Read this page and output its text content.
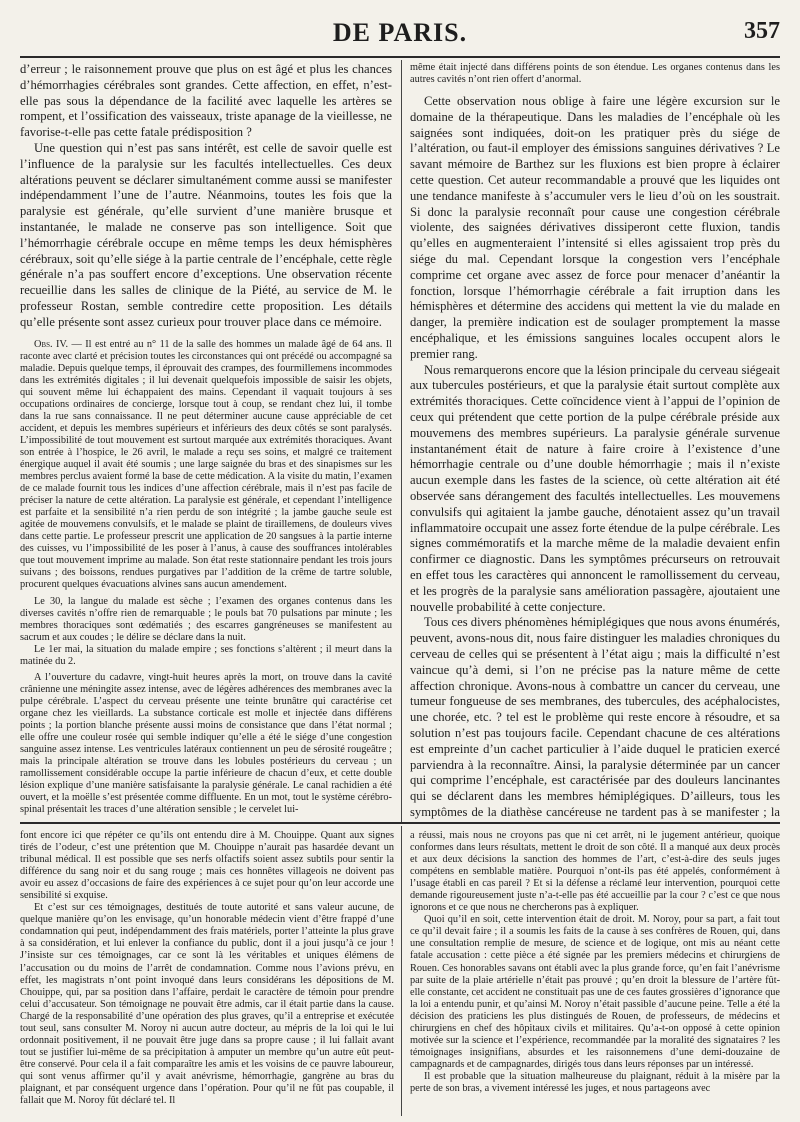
DE PARIS.	357

d’erreur ; le raisonnement prouve que plus on est âgé et plus les chances d’hémorrhagies cérébrales sont grandes. Cette affection, en effet, n’est-elle pas sous la dépendance de la facilité avec laquelle les artères se rompent, et l’ossification des vaisseaux, triste apanage de la vieillesse, ne favorise-t-elle pas cette fatale prédisposition ?

Une question qui n’est pas sans intérêt, est celle de savoir quelle est l’influence de la paralysie sur les facultés intellectuelles. Ces deux altérations peuvent se déclarer simultanément comme aussi se manifester indépendamment l’une de l’autre. Néanmoins, toutes les fois que la paralysie est générale, qu’elle survient d’une manière brusque et instantanée, le malade ne conserve pas son intelligence. Soit que l’hémorrhagie cérébrale occupe en même temps les deux hémisphères cérébraux, soit qu’elle siége à la partie centrale de l’encéphale, cette règle générale n’a pas souffert encore d’exceptions. Une observation récente recueillie dans les salles de clinique de la Piété, au service de M. le professeur Rostan, semble contredire cette proposition. Les détails qu’elle présente sont assez curieux pour trouver place dans ce mémoire.

Obs. IV. — Il est entré au n° 11 de la salle des hommes un malade âgé de 64 ans. Il raconte avec clarté et précision toutes les circonstances qui ont précédé ou accompagné sa maladie. Depuis quelque temps, il éprouvait des crampes, des fourmillemens incommodes dans les extrémités digitales ; il lui devenait quelquefois impossible de saisir les objets, qui souvent même lui échappaient des mains. Cependant il vaquait toujours à ses occupations ordinaires de concierge, lorsque tout à coup, se rendant chez lui, il tombe dans la rue sans connaissance. Il ne peut déterminer aucune cause appréciable de cet accident, et depuis les membres supérieurs et inférieurs des deux côtés se sont paralysés. L’impossibilité de tout mouvement est surtout marquée aux extrémités thoraciques. Avant son entrée à l’hospice, le 26 avril, le malade a reçu ses soins, et malgré ce traitement énergique auquel il avait été soumis ; une large saignée du bras et des sinapismes sur les membres perclus avaient formé la base de cette médication. A la visite du matin, l’examen de ce malade fournit tous les indices d’une affection cérébrale, mais il n’est pas facile de préciser la nature de cette altération. La paralysie est générale, et cependant l’intelligence est parfaite et la sensibilité n’a rien perdu de son intégrité ; la jambe gauche seule est agitée de mouvemens convulsifs, et le malade se plaint de tiraillemens, de douleurs vives dans cette partie. Le professeur prescrit une application de 20 sangsues à la partie interne des cuisses, vu l’impossibilité de les poser à l’anus, à cause des souffrances intolérables que tout mouvement imprime au malade. Son état reste stationnaire pendant les trois jours suivans ; des boissons, rendues purgatives par l’addition de la crême de tartre soluble, procurent quelques évacuations alvines sans aucun amendement.

Le 30, la langue du malade est sèche ; l’examen des organes contenus dans les diverses cavités n’offre rien de remarquable ; le pouls bat 70 pulsations par minute ; les membres thoraciques sont œdématiés ; des escarres gangréneuses se manifestent au sacrum et aux coudes ; le délire se déclare dans la nuit.

Le 1er mai, la situation du malade empire ; ses fonctions s’altèrent ; il meurt dans la matinée du 2.

A l’ouverture du cadavre, vingt-huit heures après la mort, on trouve dans la cavité crânienne une méningite assez intense, avec de légères adhérences des membranes avec la pulpe cérébrale. L’aspect du cerveau présente une teinte brunâtre qui caractérise cet organe chez les vieillards. La substance corticale est molle et injectée dans différens points ; la portion blanche présente aussi moins de consistance que dans l’état normal ; elle offre une couleur rosée qui semble indiquer qu’elle a été le siége d’une congestion sanguine assez intense. Les ventricules latéraux contiennent un peu de sérosité rougeâtre ; mais la principale altération se trouve dans les lobules postérieurs du cerveau ; un ramollissement considérable occupe la partie inférieure de chacun d’eux, et cette double lésion explique d’une manière satisfaisante la paralysie générale. Le canal rachidien a été ouvert, et la moëlle s’est présentée comme diffluente. En un mot, tout le système cérébro-spinal présentait les traces d’une altération sensible ; le cervelet lui-

même était injecté dans différens points de son étendue. Les organes contenus dans les autres cavités n’ont rien offert d’anormal.

Cette observation nous oblige à faire une légère excursion sur le domaine de la thérapeutique. Dans les maladies de l’encéphale où les saignées sont indiquées, doit-on les pratiquer près du siége de l’altération, ou faut-il employer des émissions sanguines dérivatives ? Le savant mémoire de Barthez sur les fluxions est bien propre à éclairer cette question. Cet auteur recommandable a prouvé que les liquides ont une tendance manifeste à s’accumuler vers le lieu d’où on les soustrait. Si donc la paralysie reconnaît pour cause une congestion cérébrale violente, des saignées dérivatives dissiperont cette fluxion, tandis qu’elles en augmenteraient l’intensité si elles agissaient trop près du siége du mal. Cependant lorsque la congestion vers l’encéphale comprime cet organe avec assez de force pour menacer d’anéantir la fonction, lorsque l’hémorrhagie cérébrale a fait irruption dans les hémisphères et détermine des accidens qui mettent la vie du malade en danger, la première indication est de soulager promptement la masse encéphalique, et les émissions sanguines locales occupent alors le premier rang.

Nous remarquerons encore que la lésion principale du cerveau siégeait aux tubercules postérieurs, et que la paralysie était surtout complète aux extrémités thoraciques. Cette coïncidence vient à l’appui de l’opinion de ceux qui prétendent que cette portion de la pulpe cérébrale préside aux mouvemens des membres supérieurs. La paralysie générale survenue instantanément était de nature à faire croire à l’existence d’une hémorrhagie centrale ou d’une double hémorrhagie ; mais il n’existe aucun exemple dans les fastes de la science, où cette altération ait été observée sans dérangement des facultés intellectuelles. Les mouvemens convulsifs qui agitaient la jambe gauche, dénotaient assez qu’un travail inflammatoire occupait une assez forte étendue de la pulpe cérébrale. Les signes commémoratifs et la marche même de la maladie devaient enfin confirmer ce diagnostic. Dans les symptômes précurseurs on retrouvait en effet tous les caractères qui annoncent le ramollissement du cerveau, et les progrès de la paralysie sans amélioration passagère, ajoutaient une nouvelle probabilité à cette conjecture.

Tous ces divers phénomènes hémiplégiques que nous avons énumérés, peuvent, avons-nous dit, nous faire distinguer les maladies chroniques du cerveau de celles qui se présentent à l’état aigu ; mais la difficulté n’est vaincue qu’à demi, si l’on ne précise pas la nature même de cette affection chronique. Avons-nous à combattre un cancer du cerveau, une tumeur fongueuse de ses membranes, des tubercules, des acéphalocistes, une chorée, etc. ? tel est le problème qui reste encore à résoudre, et sa solution n’est pas toujours facile. Cependant chacune de ces altérations est empreinte d’un cachet particulier à l’aide duquel le praticien exercé parviendra à la reconnaître. Ainsi, la paralysie déterminée par un cancer qui comprime l’encéphale, est caractérisée par des douleurs lancinantes qui se déclarent dans les membres hémiplégiques. D’ailleurs, tous les symptômes de la diathèse cancéreuse ne tardent pas à se manifester ; la

font encore ici que répéter ce qu’ils ont entendu dire à M. Chouippe. Quant aux signes tirés de l’odeur, c’est une prétention que M. Chouippe n’aurait pas hasardée devant un tribunal médical. Il est possible que ses nerfs olfactifs soient assez subtils pour sentir la différence du sang noir et du sang rouge ; mais ces honnêtes villageois ne doivent pas avoir eu assez d’occasions de faire des expériences à ce sujet pour qu’on leur accorde une sensibilité si exquise.

Et c’est sur ces témoignages, destitués de toute autorité et sans valeur aucune, de quelque manière qu’on les envisage, qu’un honorable médecin vient d’être frappé d’une condamnation qui peut, indépendamment des frais matériels, porter l’atteinte la plus grave à sa considération, et lui enlever la confiance du public, dont il a joui jusqu’à ce jour ! J’insiste sur ces témoignages, car ce sont là les véritables et uniques élémens de l’accusation ou du moins de l’arrêt de condamnation. Comme nous l’avions prévu, en effet, les magistrats n’ont point invoqué dans leurs considérans les dépositions de M. Chouippe, qui, par sa position dans l’affaire, perdait le caractère de témoin pour prendre celui d’accusateur. Son témoignage ne pouvait être admis, car il était partie dans la cause. Chargé de la responsabilité d’une opération des plus graves, qu’il a entreprise et exécutée tout seul, sans consulter M. Noroy ni aucun autre docteur, au mépris de la loi qui le lui ordonnait positivement, il ne pouvait être juge dans sa propre cause ; il lui fallait avant tout se justifier lui-même de sa précipitation à amputer un membre qu’un autre eût peut-être conservé. Pour cela il a fait comparaître les amis et les voisins de ce pauvre laboureur, qui sont venus affirmer qu’il y avait anévrisme, hémorrhagie, gangrène au bras du plaignant, et par conséquent urgence dans l’opération. Pour qu’il ne fût pas coupable, il fallait que M. Noroy fût déclaré tel. Il

a réussi, mais nous ne croyons pas que ni cet arrêt, ni le jugement antérieur, quoique conformes dans leurs résultats, mettent le droit de son côté. Il a manqué aux deux procès et aux deux décisions la sanction des hommes de l’art, c’est-à-dire des seuls juges compétens en semblable matière. Pourquoi n’ont-ils pas été appelés, conformément à l’usage établi en cas pareil ? Et si la défense a réclamé leur intervention, pourquoi cette demande rigoureusement juste n’a-t-elle pas été accueillie par la cour ? c’est ce que nous ignorons et ce que nous ne chercherons pas à expliquer.

Quoi qu’il en soit, cette intervention était de droit. M. Noroy, pour sa part, a fait tout ce qu’il devait faire ; il a soumis les faits de la cause à ses confrères de Rouen, qui, dans une consultation remplie de mesure, de science et de logique, ont mis au néant cette fatale accusation : cette pièce a été signée par les premiers médecins et chirurgiens de Rouen. Ces honorables savans ont établi avec la plus grande force, qu’en fait l’anévrisme par suite de la plaie artérielle n’était pas prouvé ; qu’en droit la blessure de l’artère fût-elle constante, cet accident ne constituait pas une de ces fautes grossières d’ignorance que la loi a entendu punir, et qu’ainsi M. Noroy n’était passible d’aucune peine. Telle a été la décision des praticiens les plus distingués de Rouen, de professeurs, de médecins et chirurgiens en chef des hôpitaux civils et militaires. Qu’a-t-on opposé à cette opinion motivée sur la science et l’expérience, recommandée par la moralité des signataires ? les témoignages insignifians, absurdes et les raisonnemens d’une demi-douzaine de campagnards et de campagnardes, dirigés tous dans leurs réponses par un intéressé.

Il est probable que la situation malheureuse du plaignant, réduit à la misère par la perte de son bras, a vivement intéressé les juges, et nous partageons avec
